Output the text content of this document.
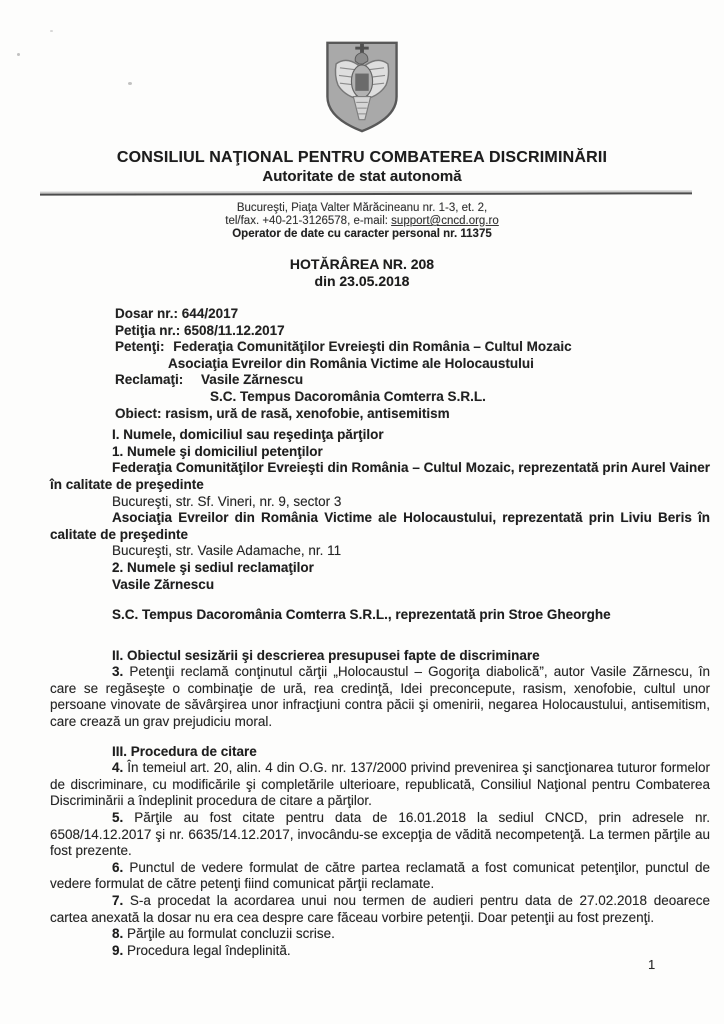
CONSILIUL NAŢIONAL PENTRU COMBATEREA DISCRIMINĂRII
Autoritate de stat autonomă
Bucureşti, Piaţa Valter Mărăcineanu nr. 1-3, et. 2,
tel/fax. +40-21-3126578, e-mail: support@cncd.org.ro
Operator de date cu caracter personal nr. 11375
HOTĂRÂREA NR. 208
din 23.05.2018
Dosar nr.: 644/2017
Petiţia nr.: 6508/11.12.2017
Petenţi: Federaţia Comunităţilor Evreieşti din România – Cultul Mozaic
Asociaţia Evreilor din România Victime ale Holocaustului
Reclamaţi: Vasile Zărnescu
S.C. Tempus Dacoromânia Comterra S.R.L.
Obiect: rasism, ură de rasă, xenofobie, antisemitism
I. Numele, domiciliul sau reşedinţa părţilor
1. Numele şi domiciliul petenţilor

Federaţia Comunităţilor Evreieşti din România – Cultul Mozaic, reprezentată prin Aurel Vainer în calitate de preşedinte

Bucureşti, str. Sf. Vineri, nr. 9, sector 3

Asociaţia Evreilor din România Victime ale Holocaustului, reprezentată prin Liviu Beris în calitate de preşedinte

Bucureşti, str. Vasile Adamache, nr. 11
2. Numele şi sediul reclamaţilor
Vasile Zărnescu
S.C. Tempus Dacoromânia Comterra S.R.L., reprezentată prin Stroe Gheorghe
II. Obiectul sesizării şi descrierea presupusei fapte de discriminare

3. Petenţii reclamă conţinutul cărţii „Holocaustul – Gogoriţa diabolică”, autor Vasile Zărnescu, în care se regăseşte o combinaţie de ură, rea credinţă, Idei preconcepute, rasism, xenofobie, cultul unor persoane vinovate de săvârşirea unor infracţiuni contra păcii şi omenirii, negarea Holocaustului, antisemitism, care crează un grav prejudiciu moral.

III. Procedura de citare

4. În temeiul art. 20, alin. 4 din O.G. nr. 137/2000 privind prevenirea şi sancţionarea tuturor formelor de discriminare, cu modificările şi completările ulterioare, republicată, Consiliul Naţional pentru Combaterea Discriminării a îndeplinit procedura de citare a părţilor.

5. Părţile au fost citate pentru data de 16.01.2018 la sediul CNCD, prin adresele nr. 6508/14.12.2017 şi nr. 6635/14.12.2017, invocându-se excepţia de vădită necompetenţă. La termen părţile au fost prezente.

6. Punctul de vedere formulat de către partea reclamată a fost comunicat petenţilor, punctul de vedere formulat de către petenţi fiind comunicat părţii reclamate.

7. S-a procedat la acordarea unui nou termen de audieri pentru data de 27.02.2018 deoarece cartea anexată la dosar nu era cea despre care făceau vorbire petenţii. Doar petenţii au fost prezenţi.

8. Părţile au formulat concluzii scrise.

9. Procedura legal îndeplinită.

1
